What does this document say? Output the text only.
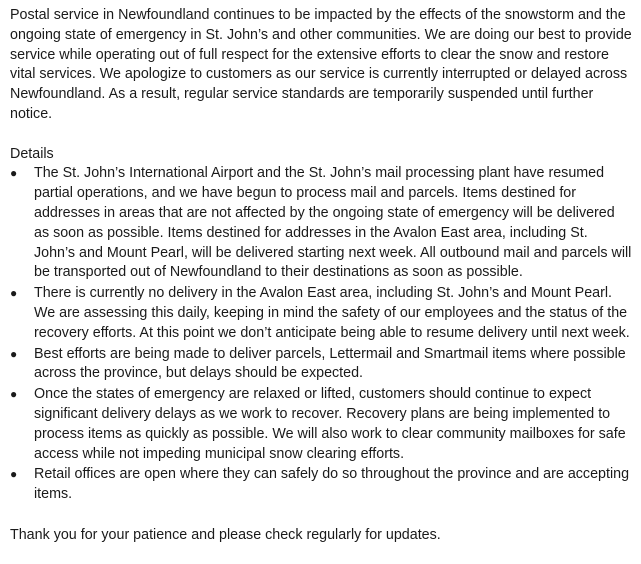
Postal service in Newfoundland continues to be impacted by the effects of the snowstorm and the ongoing state of emergency in St. John’s and other communities. We are doing our best to provide service while operating out of full respect for the extensive efforts to clear the snow and restore vital services. We apologize to customers as our service is currently interrupted or delayed across Newfoundland. As a result, regular service standards are temporarily suspended until further notice.

Details

●	The St. John’s International Airport and the St. John’s mail processing plant have resumed partial operations, and we have begun to process mail and parcels. Items destined for addresses in areas that are not affected by the ongoing state of emergency will be delivered as soon as possible. Items destined for addresses in the Avalon East area, including St. John’s and Mount Pearl, will be delivered starting next week. All outbound mail and parcels will be transported out of Newfoundland to their destinations as soon as possible.
●	There is currently no delivery in the Avalon East area, including St. John’s and Mount Pearl. We are assessing this daily, keeping in mind the safety of our employees and the status of the recovery efforts. At this point we don’t anticipate being able to resume delivery until next week.
●	Best efforts are being made to deliver parcels, Lettermail and Smartmail items where possible across the province, but delays should be expected.
●	Once the states of emergency are relaxed or lifted, customers should continue to expect significant delivery delays as we work to recover. Recovery plans are being implemented to process items as quickly as possible. We will also work to clear community mailboxes for safe access while not impeding municipal snow clearing efforts.
●	Retail offices are open where they can safely do so throughout the province and are accepting items.

Thank you for your patience and please check regularly for updates.
